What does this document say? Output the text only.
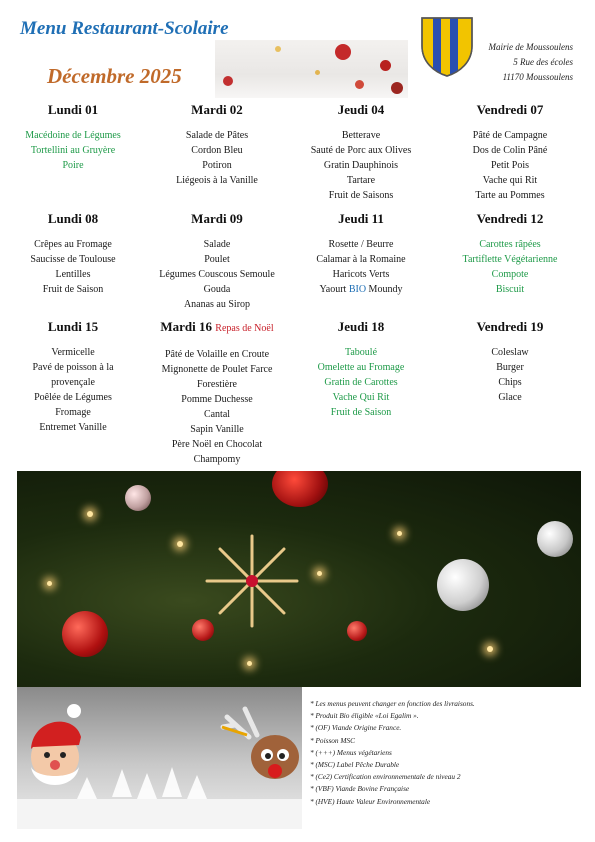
Menu Restaurant-Scolaire
Décembre 2025
Mairie de Moussoulens
5 Rue des écoles
11170 Moussoulens
Lundi 01
Macédoine de Légumes
Tortellini au Gruyère
Poire
Mardi 02
Salade de Pâtes
Cordon Bleu
Potiron
Liégeois à la Vanille
Jeudi 04
Betterave
Sauté de Porc aux Olives
Gratin Dauphinois
Tartare
Fruit de Saisons
Vendredi 07
Pâté de Campagne
Dos de Colin Pâné
Petit Pois
Vache qui Rit
Tarte au Pommes
Lundi 08
Crêpes au Fromage
Saucisse de Toulouse
Lentilles
Fruit de Saison
Mardi 09
Salade
Poulet
Légumes Couscous Semoule
Gouda
Ananas au Sirop
Jeudi 11
Rosette / Beurre
Calamar à la Romaine
Haricots Verts
Yaourt BIO Moundy
Vendredi 12
Carottes râpées
Tartiflette Végétarienne
Compote
Biscuit
Lundi 15
Vermicelle
Pavé de poisson à la
provençale
Poêlée de Légumes
Fromage
Entremet Vanille
Mardi 16 Repas de Noël
Pâté de Volaille en Croute
Mignonette de Poulet Farce
Forestière
Pomme Duchesse
Cantal
Sapin Vanille
Père Noël en Chocolat
Champomy
Jeudi 18
Taboulé
Omelette au Fromage
Gratin de Carottes
Vache Qui Rit
Fruit de Saison
Vendredi 19
Coleslaw
Burger
Chips
Glace
* Les menus peuvent changer en fonction des livraisons.
* Produit Bio éligible «Loi Egalim ».
* (OF) Viande Origine France.
* Poisson MSC
* (+++) Menus végétariens
* (MSC) Label Pêche Durable
* (Ce2) Certification environnementale de niveau 2
* (VBF) Viande Bovine Française
* (HVE) Haute Valeur Environnementale
